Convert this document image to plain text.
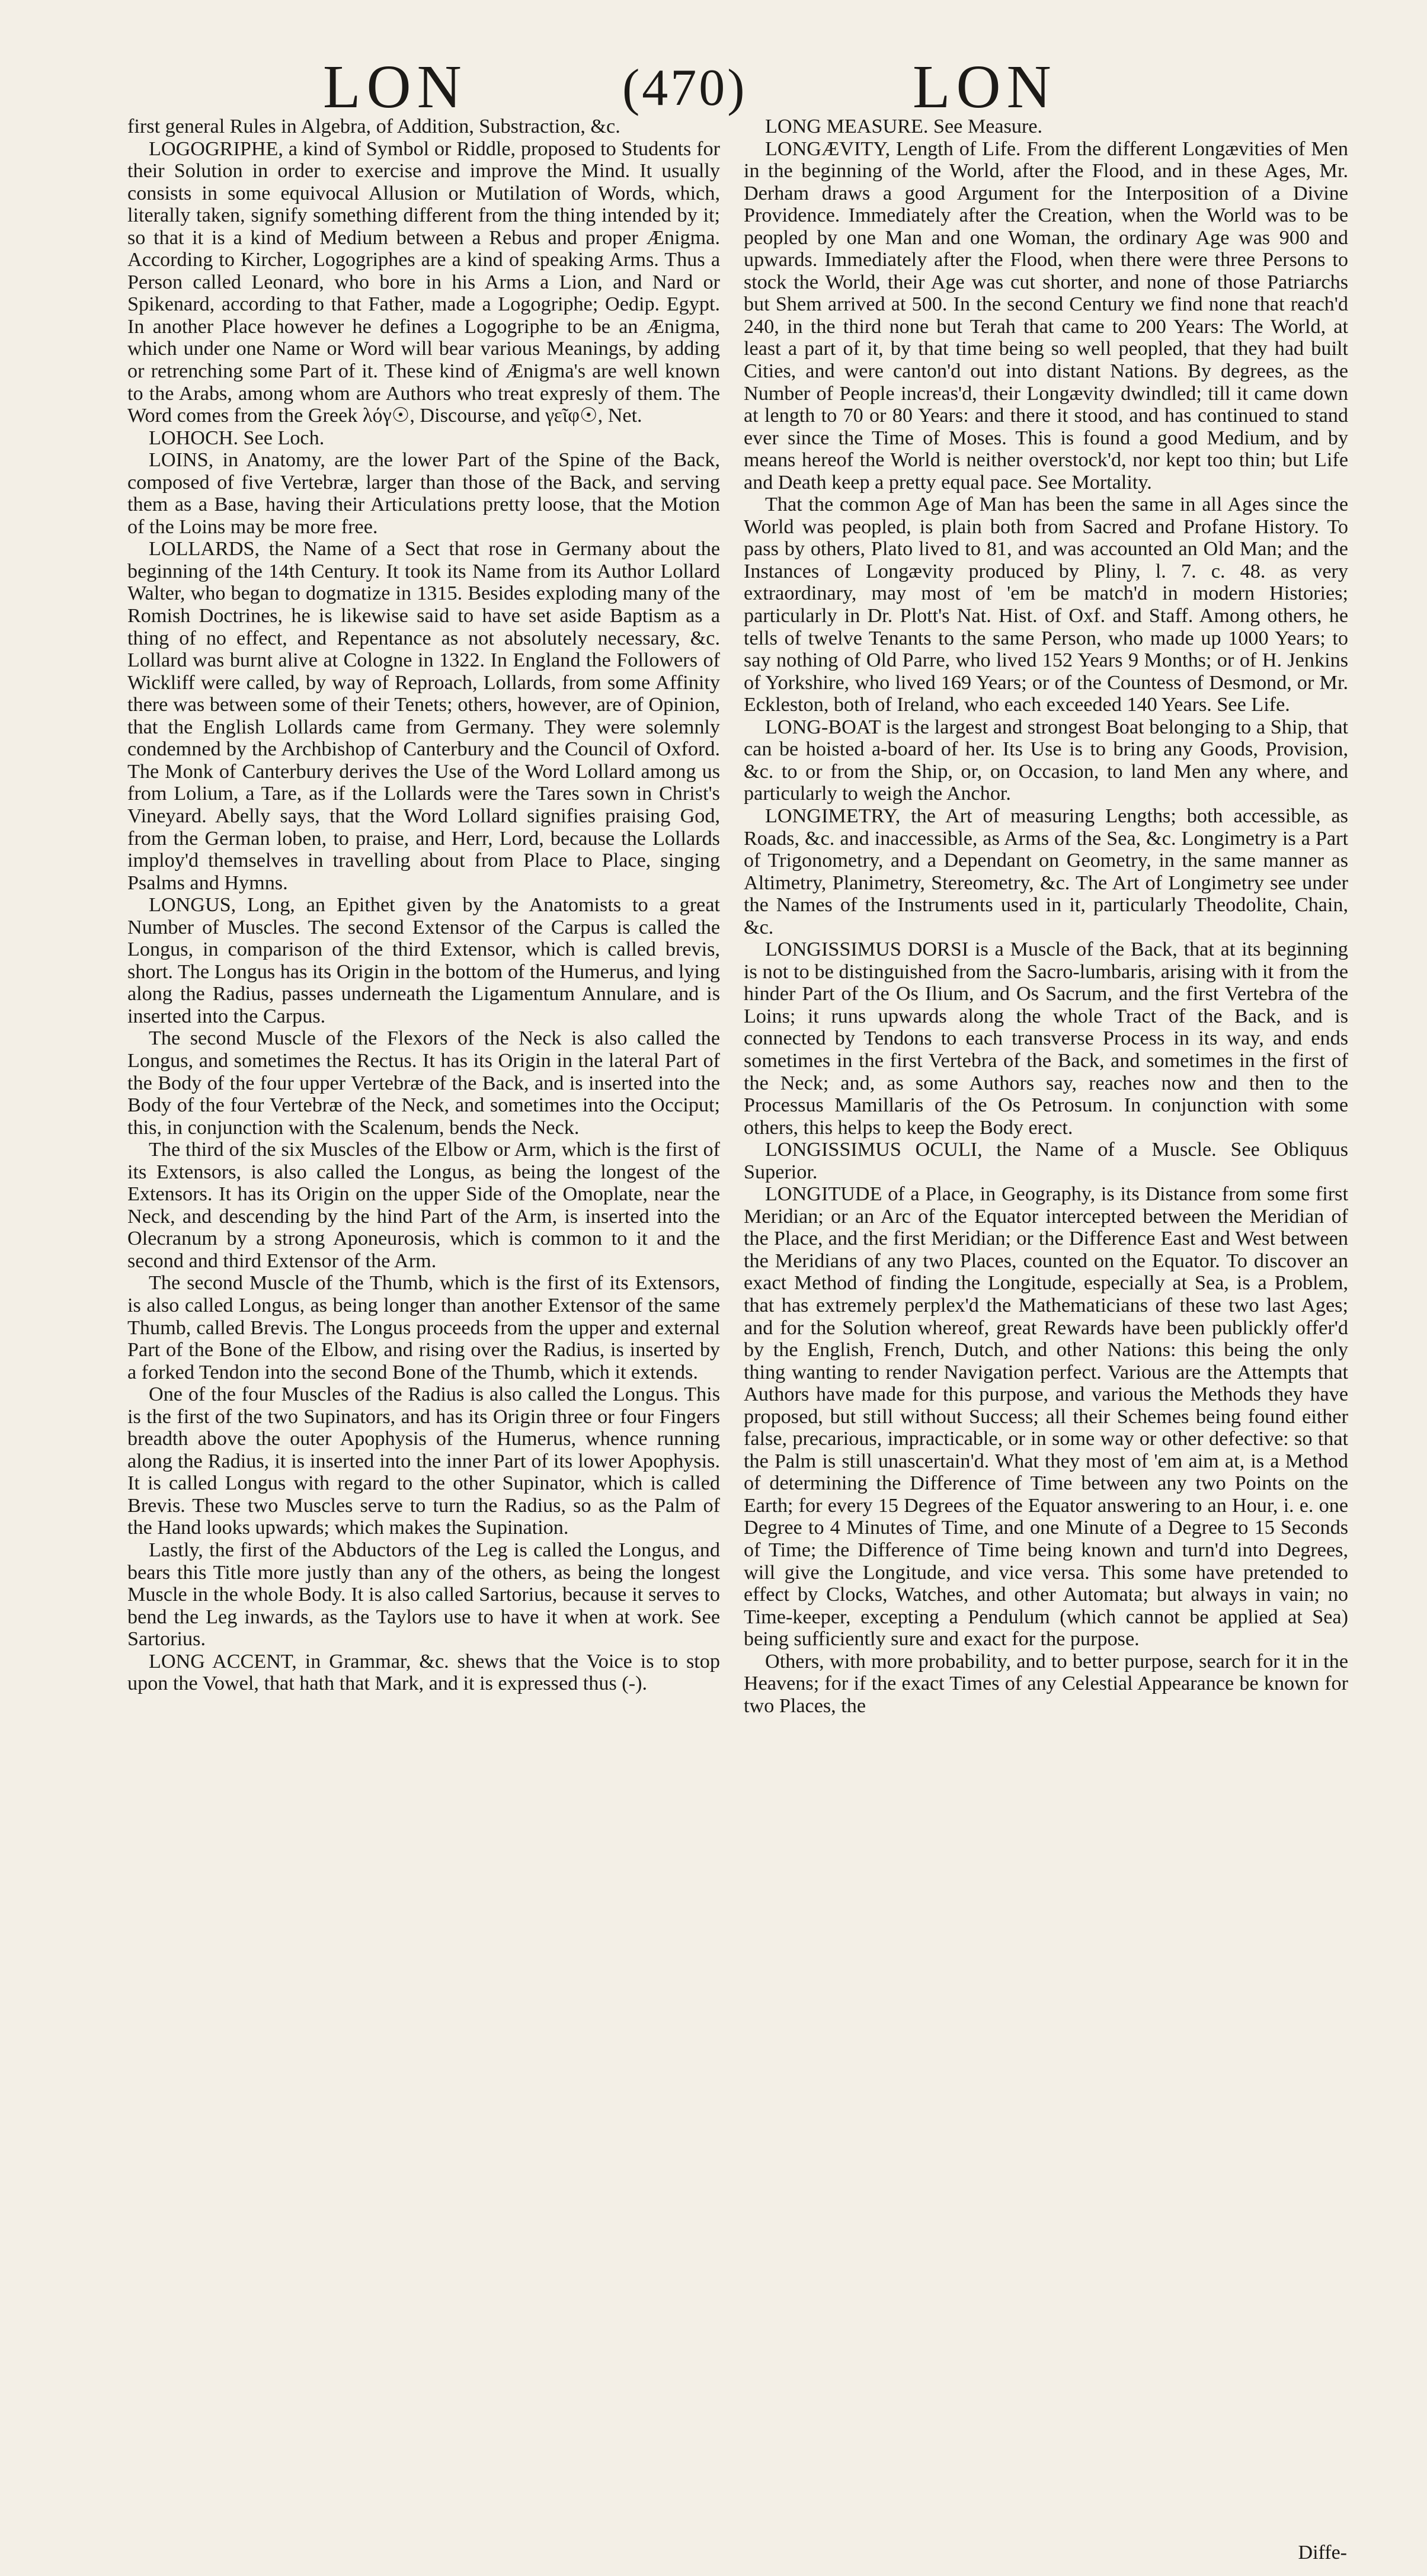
LON	(470)	LON

first general Rules in Algebra, of Addition, Substraction, &c.

LOGOGRIPHE, a kind of Symbol or Riddle, proposed to Students for their Solution in order to exercise and improve the Mind. It usually consists in some equivocal Allusion or Mutilation of Words, which, literally taken, signify something different from the thing intended by it; so that it is a kind of Medium between a Rebus and proper Ænigma. According to Kircher, Logogriphes are a kind of speaking Arms. Thus a Person called Leonard, who bore in his Arms a Lion, and Nard or Spikenard, according to that Father, made a Logogriphe; Oedip. Egypt. In another Place however he defines a Logogriphe to be an Ænigma, which under one Name or Word will bear various Meanings, by adding or retrenching some Part of it. These kind of Ænigma's are well known to the Arabs, among whom are Authors who treat expresly of them. The Word comes from the Greek λόγ☉, Discourse, and γεῖφ☉, Net.

LOHOCH. See Loch.

LOINS, in Anatomy, are the lower Part of the Spine of the Back, composed of five Vertebræ, larger than those of the Back, and serving them as a Base, having their Articulations pretty loose, that the Motion of the Loins may be more free.

LOLLARDS, the Name of a Sect that rose in Germany about the beginning of the 14th Century. It took its Name from its Author Lollard Walter, who began to dogmatize in 1315. Besides exploding many of the Romish Doctrines, he is likewise said to have set aside Baptism as a thing of no effect, and Repentance as not absolutely necessary, &c. Lollard was burnt alive at Cologne in 1322. In England the Followers of Wickliff were called, by way of Reproach, Lollards, from some Affinity there was between some of their Tenets; others, however, are of Opinion, that the English Lollards came from Germany. They were solemnly condemned by the Archbishop of Canterbury and the Council of Oxford. The Monk of Canterbury derives the Use of the Word Lollard among us from Lolium, a Tare, as if the Lollards were the Tares sown in Christ's Vineyard. Abelly says, that the Word Lollard signifies praising God, from the German loben, to praise, and Herr, Lord, because the Lollards imploy'd themselves in travelling about from Place to Place, singing Psalms and Hymns.

LONGUS, Long, an Epithet given by the Anatomists to a great Number of Muscles. The second Extensor of the Carpus is called the Longus, in comparison of the third Extensor, which is called brevis, short. The Longus has its Origin in the bottom of the Humerus, and lying along the Radius, passes underneath the Ligamentum Annulare, and is inserted into the Carpus.

The second Muscle of the Flexors of the Neck is also called the Longus, and sometimes the Rectus. It has its Origin in the lateral Part of the Body of the four upper Vertebræ of the Back, and is inserted into the Body of the four Vertebræ of the Neck, and sometimes into the Occiput; this, in conjunction with the Scalenum, bends the Neck.

The third of the six Muscles of the Elbow or Arm, which is the first of its Extensors, is also called the Longus, as being the longest of the Extensors. It has its Origin on the upper Side of the Omoplate, near the Neck, and descending by the hind Part of the Arm, is inserted into the Olecranum by a strong Aponeurosis, which is common to it and the second and third Extensor of the Arm.

The second Muscle of the Thumb, which is the first of its Extensors, is also called Longus, as being longer than another Extensor of the same Thumb, called Brevis. The Longus proceeds from the upper and external Part of the Bone of the Elbow, and rising over the Radius, is inserted by a forked Tendon into the second Bone of the Thumb, which it extends.

One of the four Muscles of the Radius is also called the Longus. This is the first of the two Supinators, and has its Origin three or four Fingers breadth above the outer Apophysis of the Humerus, whence running along the Radius, it is inserted into the inner Part of its lower Apophysis. It is called Longus with regard to the other Supinator, which is called Brevis. These two Muscles serve to turn the Radius, so as the Palm of the Hand looks upwards; which makes the Supination.

Lastly, the first of the Abductors of the Leg is called the Longus, and bears this Title more justly than any of the others, as being the longest Muscle in the whole Body. It is also called Sartorius, because it serves to bend the Leg inwards, as the Taylors use to have it when at work. See Sartorius.

LONG ACCENT, in Grammar, &c. shews that the Voice is to stop upon the Vowel, that hath that Mark, and it is expressed thus (-).

LONG MEASURE. See Measure.

LONGÆVITY, Length of Life. From the different Longævities of Men in the beginning of the World, after the Flood, and in these Ages, Mr. Derham draws a good Argument for the Interposition of a Divine Providence. Immediately after the Creation, when the World was to be peopled by one Man and one Woman, the ordinary Age was 900 and upwards. Immediately after the Flood, when there were three Persons to stock the World, their Age was cut shorter, and none of those Patriarchs but Shem arrived at 500. In the second Century we find none that reach'd 240, in the third none but Terah that came to 200 Years: The World, at least a part of it, by that time being so well peopled, that they had built Cities, and were canton'd out into distant Nations. By degrees, as the Number of People increas'd, their Longævity dwindled; till it came down at length to 70 or 80 Years: and there it stood, and has continued to stand ever since the Time of Moses. This is found a good Medium, and by means hereof the World is neither overstock'd, nor kept too thin; but Life and Death keep a pretty equal pace. See Mortality.

That the common Age of Man has been the same in all Ages since the World was peopled, is plain both from Sacred and Profane History. To pass by others, Plato lived to 81, and was accounted an Old Man; and the Instances of Longævity produced by Pliny, l. 7. c. 48. as very extraordinary, may most of 'em be match'd in modern Histories; particularly in Dr. Plott's Nat. Hist. of Oxf. and Staff. Among others, he tells of twelve Tenants to the same Person, who made up 1000 Years; to say nothing of Old Parre, who lived 152 Years 9 Months; or of H. Jenkins of Yorkshire, who lived 169 Years; or of the Countess of Desmond, or Mr. Eckleston, both of Ireland, who each exceeded 140 Years. See Life.

LONG-BOAT is the largest and strongest Boat belonging to a Ship, that can be hoisted a-board of her. Its Use is to bring any Goods, Provision, &c. to or from the Ship, or, on Occasion, to land Men any where, and particularly to weigh the Anchor.

LONGIMETRY, the Art of measuring Lengths; both accessible, as Roads, &c. and inaccessible, as Arms of the Sea, &c. Longimetry is a Part of Trigonometry, and a Dependant on Geometry, in the same manner as Altimetry, Planimetry, Stereometry, &c. The Art of Longimetry see under the Names of the Instruments used in it, particularly Theodolite, Chain, &c.

LONGISSIMUS DORSI is a Muscle of the Back, that at its beginning is not to be distinguished from the Sacro-lumbaris, arising with it from the hinder Part of the Os Ilium, and Os Sacrum, and the first Vertebra of the Loins; it runs upwards along the whole Tract of the Back, and is connected by Tendons to each transverse Process in its way, and ends sometimes in the first Vertebra of the Back, and sometimes in the first of the Neck; and, as some Authors say, reaches now and then to the Processus Mamillaris of the Os Petrosum. In conjunction with some others, this helps to keep the Body erect.

LONGISSIMUS OCULI, the Name of a Muscle. See Obliquus Superior.

LONGITUDE of a Place, in Geography, is its Distance from some first Meridian; or an Arc of the Equator intercepted between the Meridian of the Place, and the first Meridian; or the Difference East and West between the Meridians of any two Places, counted on the Equator. To discover an exact Method of finding the Longitude, especially at Sea, is a Problem, that has extremely perplex'd the Mathematicians of these two last Ages; and for the Solution whereof, great Rewards have been publickly offer'd by the English, French, Dutch, and other Nations: this being the only thing wanting to render Navigation perfect. Various are the Attempts that Authors have made for this purpose, and various the Methods they have proposed, but still without Success; all their Schemes being found either false, precarious, impracticable, or in some way or other defective: so that the Palm is still unascertain'd. What they most of 'em aim at, is a Method of determining the Difference of Time between any two Points on the Earth; for every 15 Degrees of the Equator answering to an Hour, i. e. one Degree to 4 Minutes of Time, and one Minute of a Degree to 15 Seconds of Time; the Difference of Time being known and turn'd into Degrees, will give the Longitude, and vice versa. This some have pretended to effect by Clocks, Watches, and other Automata; but always in vain; no Time-keeper, excepting a Pendulum (which cannot be applied at Sea) being sufficiently sure and exact for the purpose.

Others, with more probability, and to better purpose, search for it in the Heavens; for if the exact Times of any Celestial Appearance be known for two Places, the

Diffe-
